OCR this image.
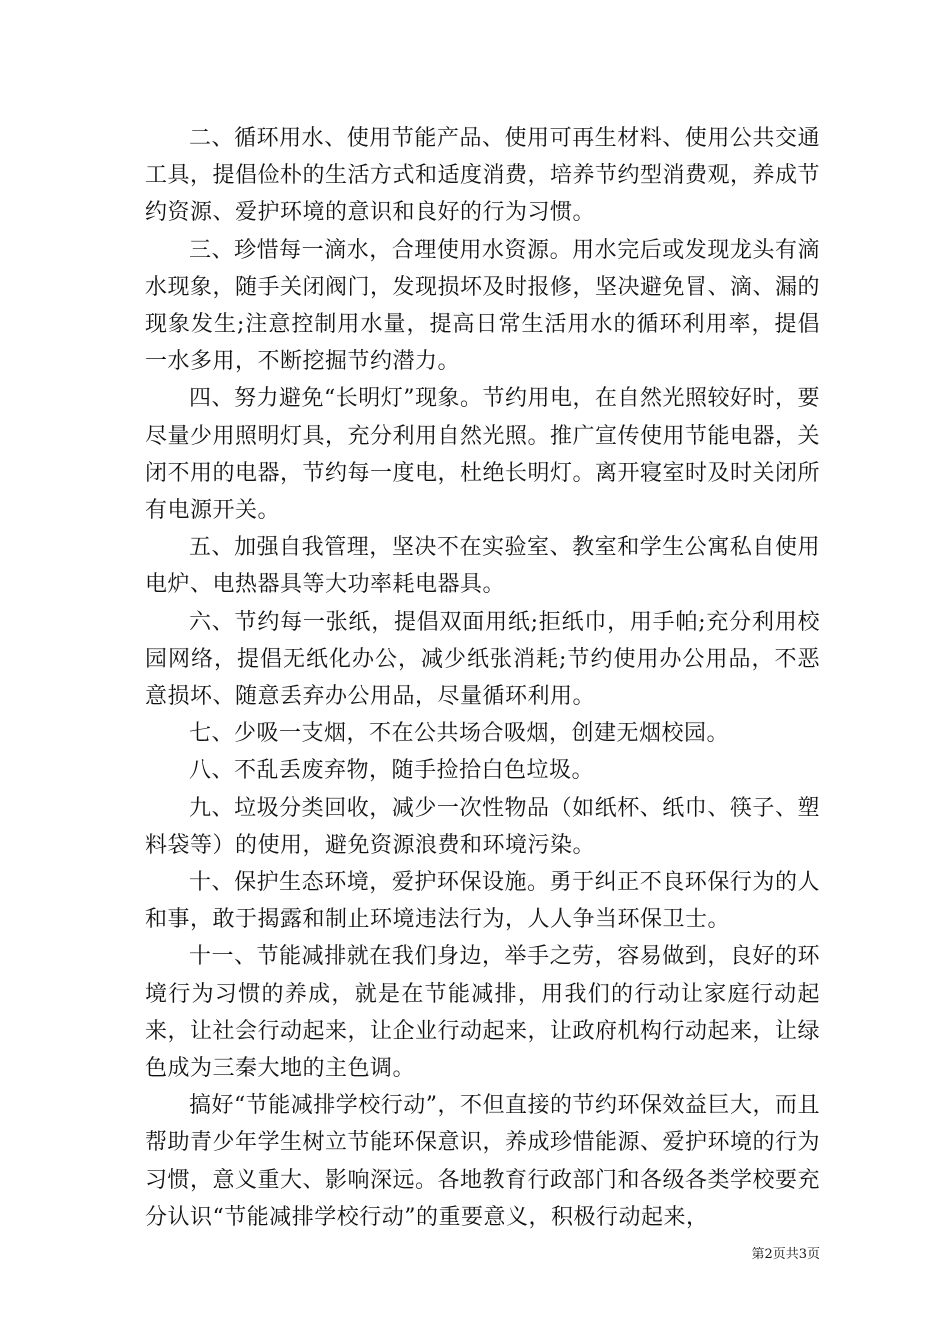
二、循环用水、使用节能产品、使用可再生材料、使用公共交通工具，提倡俭朴的生活方式和适度消费，培养节约型消费观，养成节约资源、爱护环境的意识和良好的行为习惯。

三、珍惜每一滴水，合理使用水资源。用水完后或发现龙头有滴水现象，随手关闭阀门，发现损坏及时报修，坚决避免冒、滴、漏的现象发生;注意控制用水量，提高日常生活用水的循环利用率，提倡一水多用，不断挖掘节约潜力。

四、努力避免“长明灯”现象。节约用电，在自然光照较好时，要尽量少用照明灯具，充分利用自然光照。推广宣传使用节能电器，关闭不用的电器，节约每一度电，杜绝长明灯。离开寝室时及时关闭所有电源开关。

五、加强自我管理，坚决不在实验室、教室和学生公寓私自使用电炉、电热器具等大功率耗电器具。

六、节约每一张纸，提倡双面用纸;拒纸巾，用手帕;充分利用校园网络，提倡无纸化办公，减少纸张消耗;节约使用办公用品，不恶意损坏、随意丢弃办公用品，尽量循环利用。

七、少吸一支烟，不在公共场合吸烟，创建无烟校园。

八、不乱丢废弃物，随手捡拾白色垃圾。

九、垃圾分类回收，减少一次性物品（如纸杯、纸巾、筷子、塑料袋等）的使用，避免资源浪费和环境污染。

十、保护生态环境，爱护环保设施。勇于纠正不良环保行为的人和事，敢于揭露和制止环境违法行为，人人争当环保卫士。

十一、节能减排就在我们身边，举手之劳，容易做到，良好的环境行为习惯的养成，就是在节能减排，用我们的行动让家庭行动起来，让社会行动起来，让企业行动起来，让政府机构行动起来，让绿色成为三秦大地的主色调。

搞好“节能减排学校行动”，不但直接的节约环保效益巨大，而且帮助青少年学生树立节能环保意识，养成珍惜能源、爱护环境的行为习惯，意义重大、影响深远。各地教育行政部门和各级各类学校要充分认识“节能减排学校行动”的重要意义，积极行动起来，

第2页共3页
